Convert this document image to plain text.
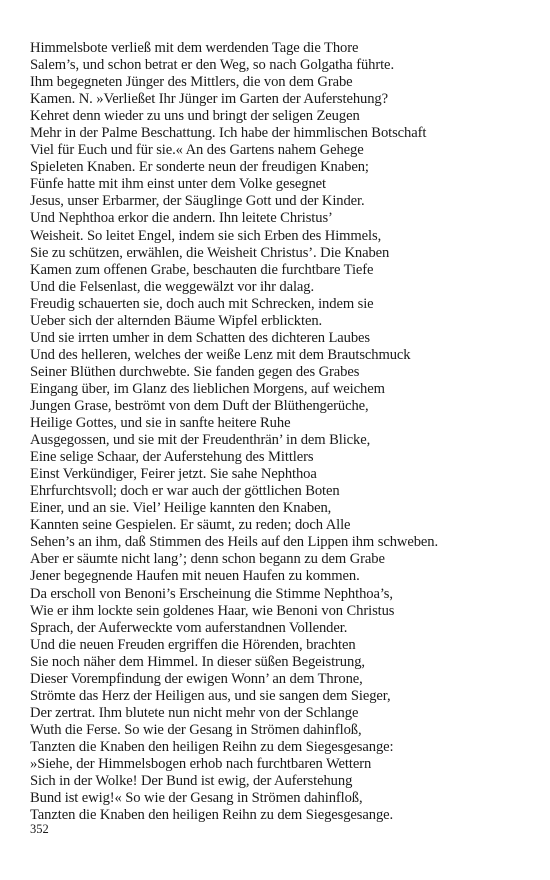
Himmelsbote verließ mit dem werdenden Tage die Thore
Salem’s, und schon betrat er den Weg, so nach Golgatha führte.
Ihm begegneten Jünger des Mittlers, die von dem Grabe
Kamen. N. »Verließet Ihr Jünger im Garten der Auferstehung?
Kehret denn wieder zu uns und bringt der seligen Zeugen
Mehr in der Palme Beschattung. Ich habe der himmlischen Botschaft
Viel für Euch und für sie.« An des Gartens nahem Gehege
Spieleten Knaben. Er sonderte neun der freudigen Knaben;
Fünfe hatte mit ihm einst unter dem Volke gesegnet
Jesus, unser Erbarmer, der Säuglinge Gott und der Kinder.
Und Nephthoa erkor die andern. Ihn leitete Christus’
Weisheit. So leitet Engel, indem sie sich Erben des Himmels,
Sie zu schützen, erwählen, die Weisheit Christus’. Die Knaben
Kamen zum offenen Grabe, beschauten die furchtbare Tiefe
Und die Felsenlast, die weggewälzt vor ihr dalag.
Freudig schauerten sie, doch auch mit Schrecken, indem sie
Ueber sich der alternden Bäume Wipfel erblickten.
Und sie irrten umher in dem Schatten des dichteren Laubes
Und des helleren, welches der weiße Lenz mit dem Brautschmuck
Seiner Blüthen durchwebte. Sie fanden gegen des Grabes
Eingang über, im Glanz des lieblichen Morgens, auf weichem
Jungen Grase, beströmt von dem Duft der Blüthengerüche,
Heilige Gottes, und sie in sanfte heitere Ruhe
Ausgegossen, und sie mit der Freudenthrän’ in dem Blicke,
Eine selige Schaar, der Auferstehung des Mittlers
Einst Verkündiger, Feirer jetzt. Sie sahe Nephthoa
Ehrfurchtsvoll; doch er war auch der göttlichen Boten
Einer, und an sie. Viel’ Heilige kannten den Knaben,
Kannten seine Gespielen. Er säumt, zu reden; doch Alle
Sehen’s an ihm, daß Stimmen des Heils auf den Lippen ihm schweben.
Aber er säumte nicht lang’; denn schon begann zu dem Grabe
Jener begegnende Haufen mit neuen Haufen zu kommen.
Da erscholl von Benoni’s Erscheinung die Stimme Nephthoa’s,
Wie er ihm lockte sein goldenes Haar, wie Benoni von Christus
Sprach, der Auferweckte vom auferstandnen Vollender.
Und die neuen Freuden ergriffen die Hörenden, brachten
Sie noch näher dem Himmel. In dieser süßen Begeistrung,
Dieser Vorempfindung der ewigen Wonn’ an dem Throne,
Strömte das Herz der Heiligen aus, und sie sangen dem Sieger,
Der zertrat. Ihm blutete nun nicht mehr von der Schlange
Wuth die Ferse. So wie der Gesang in Strömen dahinfloß,
Tanzten die Knaben den heiligen Reihn zu dem Siegesgesange:
»Siehe, der Himmelsbogen erhob nach furchtbaren Wettern
Sich in der Wolke! Der Bund ist ewig, der Auferstehung
Bund ist ewig!« So wie der Gesang in Strömen dahinfloß,
Tanzten die Knaben den heiligen Reihn zu dem Siegesgesange.
352
